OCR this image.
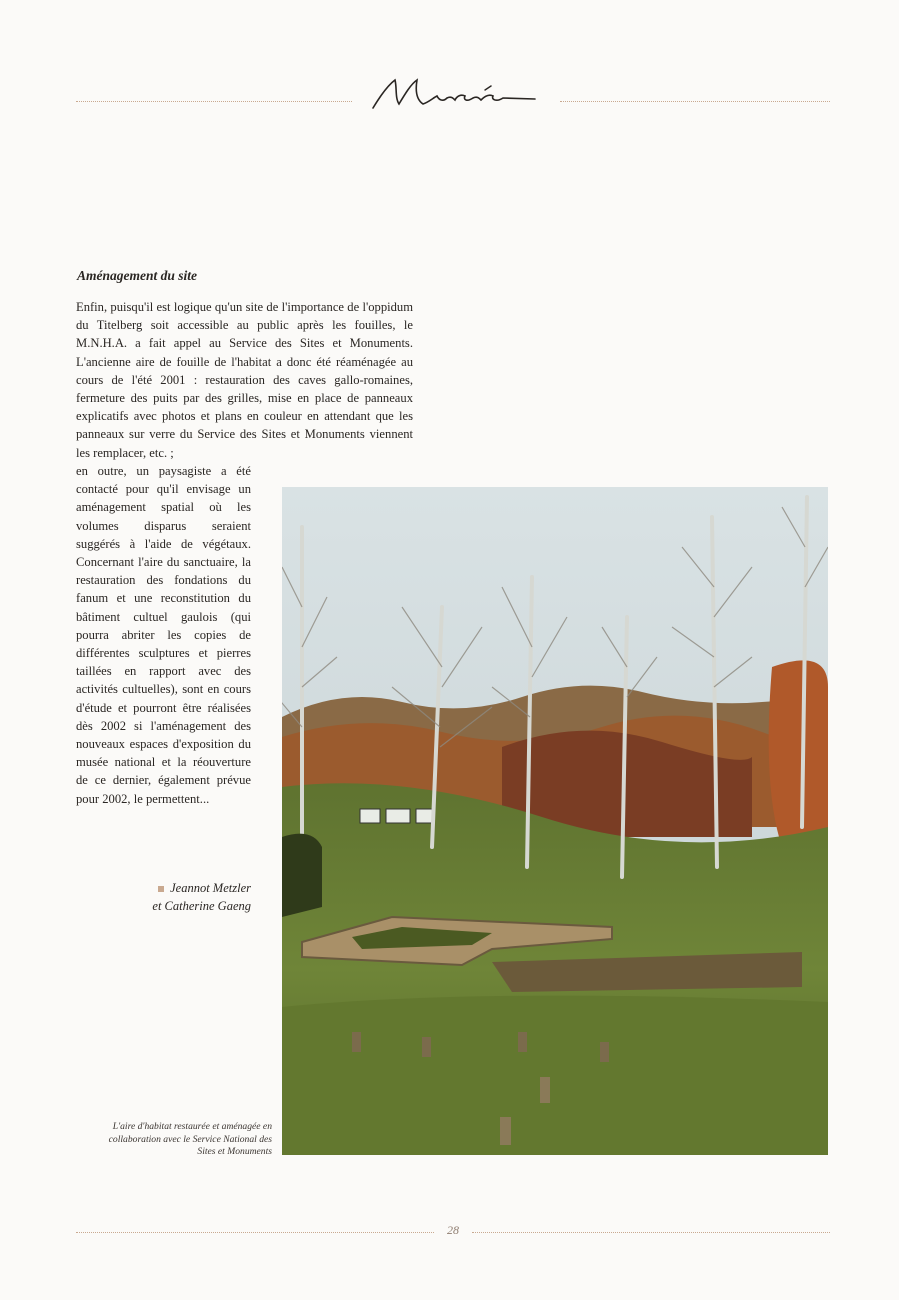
Aménagement du site

Enfin, puisqu'il est logique qu'un site de l'importance de l'oppidum du Titelberg soit accessible au public après les fouilles, le M.N.H.A. a fait appel au Service des Sites et Monuments. L'ancienne aire de fouille de l'habitat a donc été réaménagée au cours de l'été 2001 : restauration des caves gallo-romaines, fermeture des puits par des grilles, mise en place de panneaux explicatifs avec photos et plans en couleur en attendant que les panneaux sur verre du Service des Sites et Monuments viennent les remplacer, etc. ;

en outre, un paysagiste a été contacté pour qu'il envisage un aménagement spatial où les volumes disparus seraient suggérés à l'aide de végétaux. Concernant l'aire du sanctuaire, la restauration des fondations du fanum et une reconstitution du bâtiment cultuel gaulois (qui pourra abriter les copies de différentes sculptures et pierres taillées en rapport avec des activités cultuelles), sont en cours d'étude et pourront être réalisées dès 2002 si l'aménagement des nouveaux espaces d'exposition du musée national et la réouverture de ce dernier, également prévue pour 2002, le permettent...

Jeannot Metzler
et Catherine Gaeng
L'aire d'habitat restaurée et aménagée en
collaboration avec le Service National des
Sites et Monuments
28
